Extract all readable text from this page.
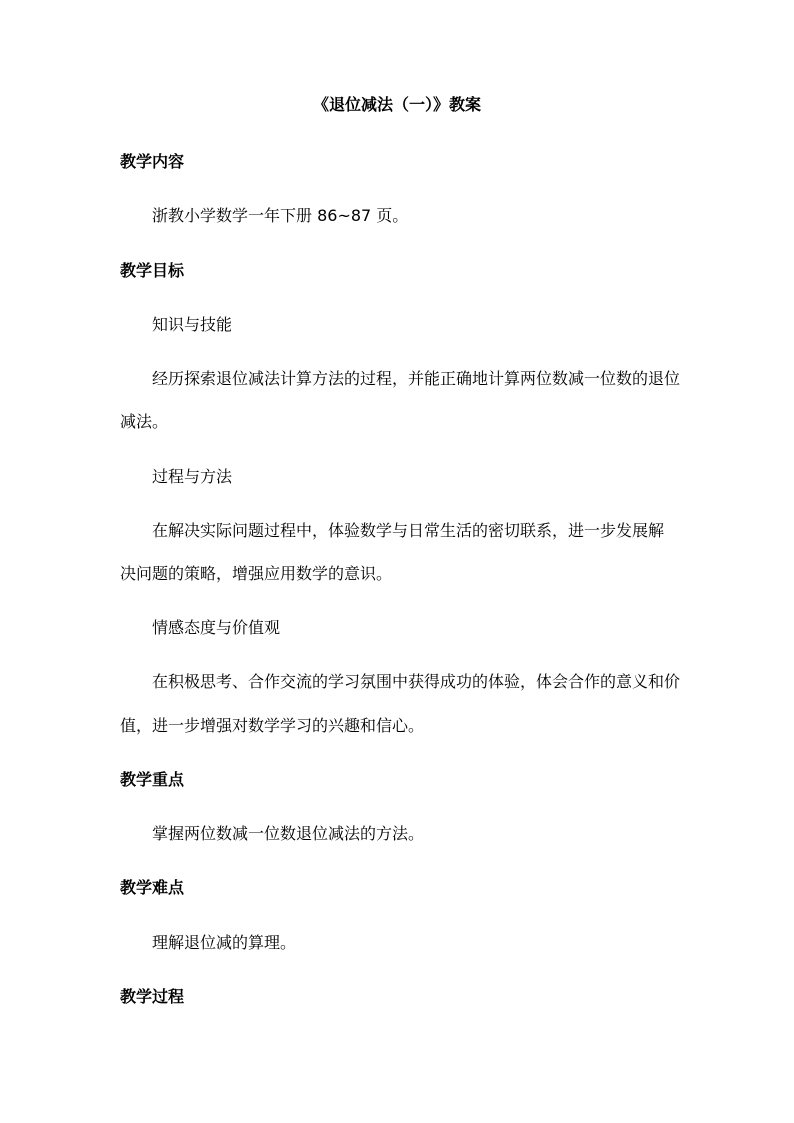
《退位减法（一）》教案
教学内容
浙教小学数学一年下册 86~87 页。
教学目标
知识与技能
经历探索退位减法计算方法的过程，并能正确地计算两位数减一位数的退位
减法。
过程与方法
在解决实际问题过程中，体验数学与日常生活的密切联系，进一步发展解
决问题的策略，增强应用数学的意识。
情感态度与价值观
在积极思考、合作交流的学习氛围中获得成功的体验，体会合作的意义和价
值，进一步增强对数学学习的兴趣和信心。
教学重点
掌握两位数减一位数退位减法的方法。
教学难点
理解退位减的算理。
教学过程
